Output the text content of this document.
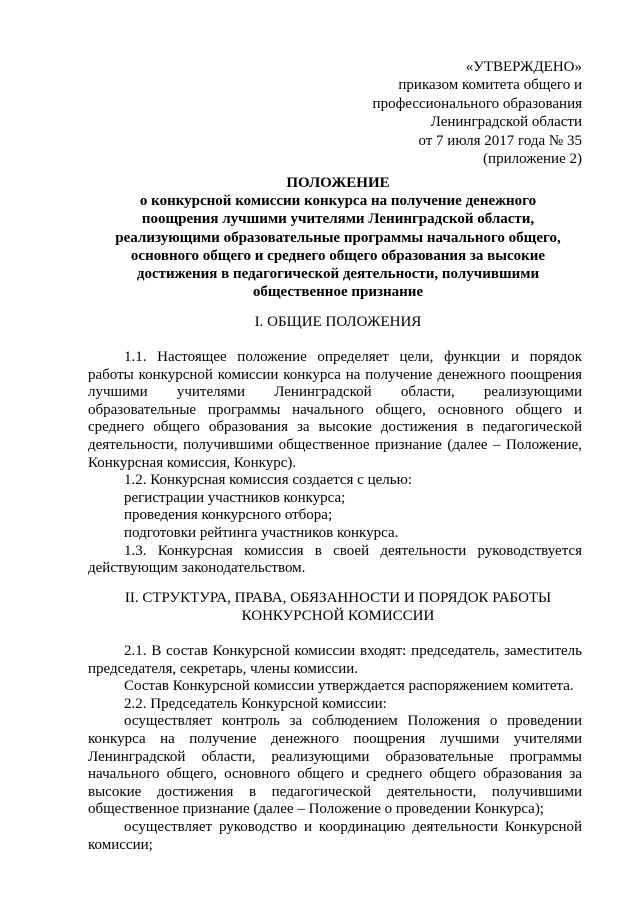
«УТВЕРЖДЕНО»
приказом комитета общего и
профессионального образования
Ленинградской области
от 7 июля 2017 года № 35
(приложение 2)
ПОЛОЖЕНИЕ
о конкурсной комиссии конкурса на получение денежного
поощрения лучшими учителями Ленинградской области,
реализующими образовательные программы начального общего,
основного общего и среднего общего образования за высокие
достижения в педагогической деятельности, получившими
общественное признание
I. ОБЩИЕ ПОЛОЖЕНИЯ

1.1. Настоящее положение определяет цели, функции и порядок работы конкурсной комиссии конкурса на получение денежного поощрения лучшими учителями Ленинградской области, реализующими образовательные программы начального общего, основного общего и среднего общего образования за высокие достижения в педагогической деятельности, получившими общественное признание (далее – Положение, Конкурсная комиссия, Конкурс).

1.2. Конкурсная комиссия создается с целью:

регистрации участников конкурса;

проведения конкурсного отбора;

подготовки рейтинга участников конкурса.

1.3. Конкурсная комиссия в своей деятельности руководствуется действующим законодательством.

II. СТРУКТУРА, ПРАВА, ОБЯЗАННОСТИ И ПОРЯДОК РАБОТЫ
КОНКУРСНОЙ КОМИССИИ

2.1. В состав Конкурсной комиссии входят: председатель, заместитель председателя, секретарь, члены комиссии.

Состав Конкурсной комиссии утверждается распоряжением комитета.

2.2. Председатель Конкурсной комиссии:

осуществляет контроль за соблюдением Положения о проведении конкурса на получение денежного поощрения лучшими учителями Ленинградской области, реализующими образовательные программы начального общего, основного общего и среднего общего образования за высокие достижения в педагогической деятельности, получившими общественное признание (далее – Положение о проведении Конкурса);

осуществляет руководство и координацию деятельности Конкурсной комиссии;
